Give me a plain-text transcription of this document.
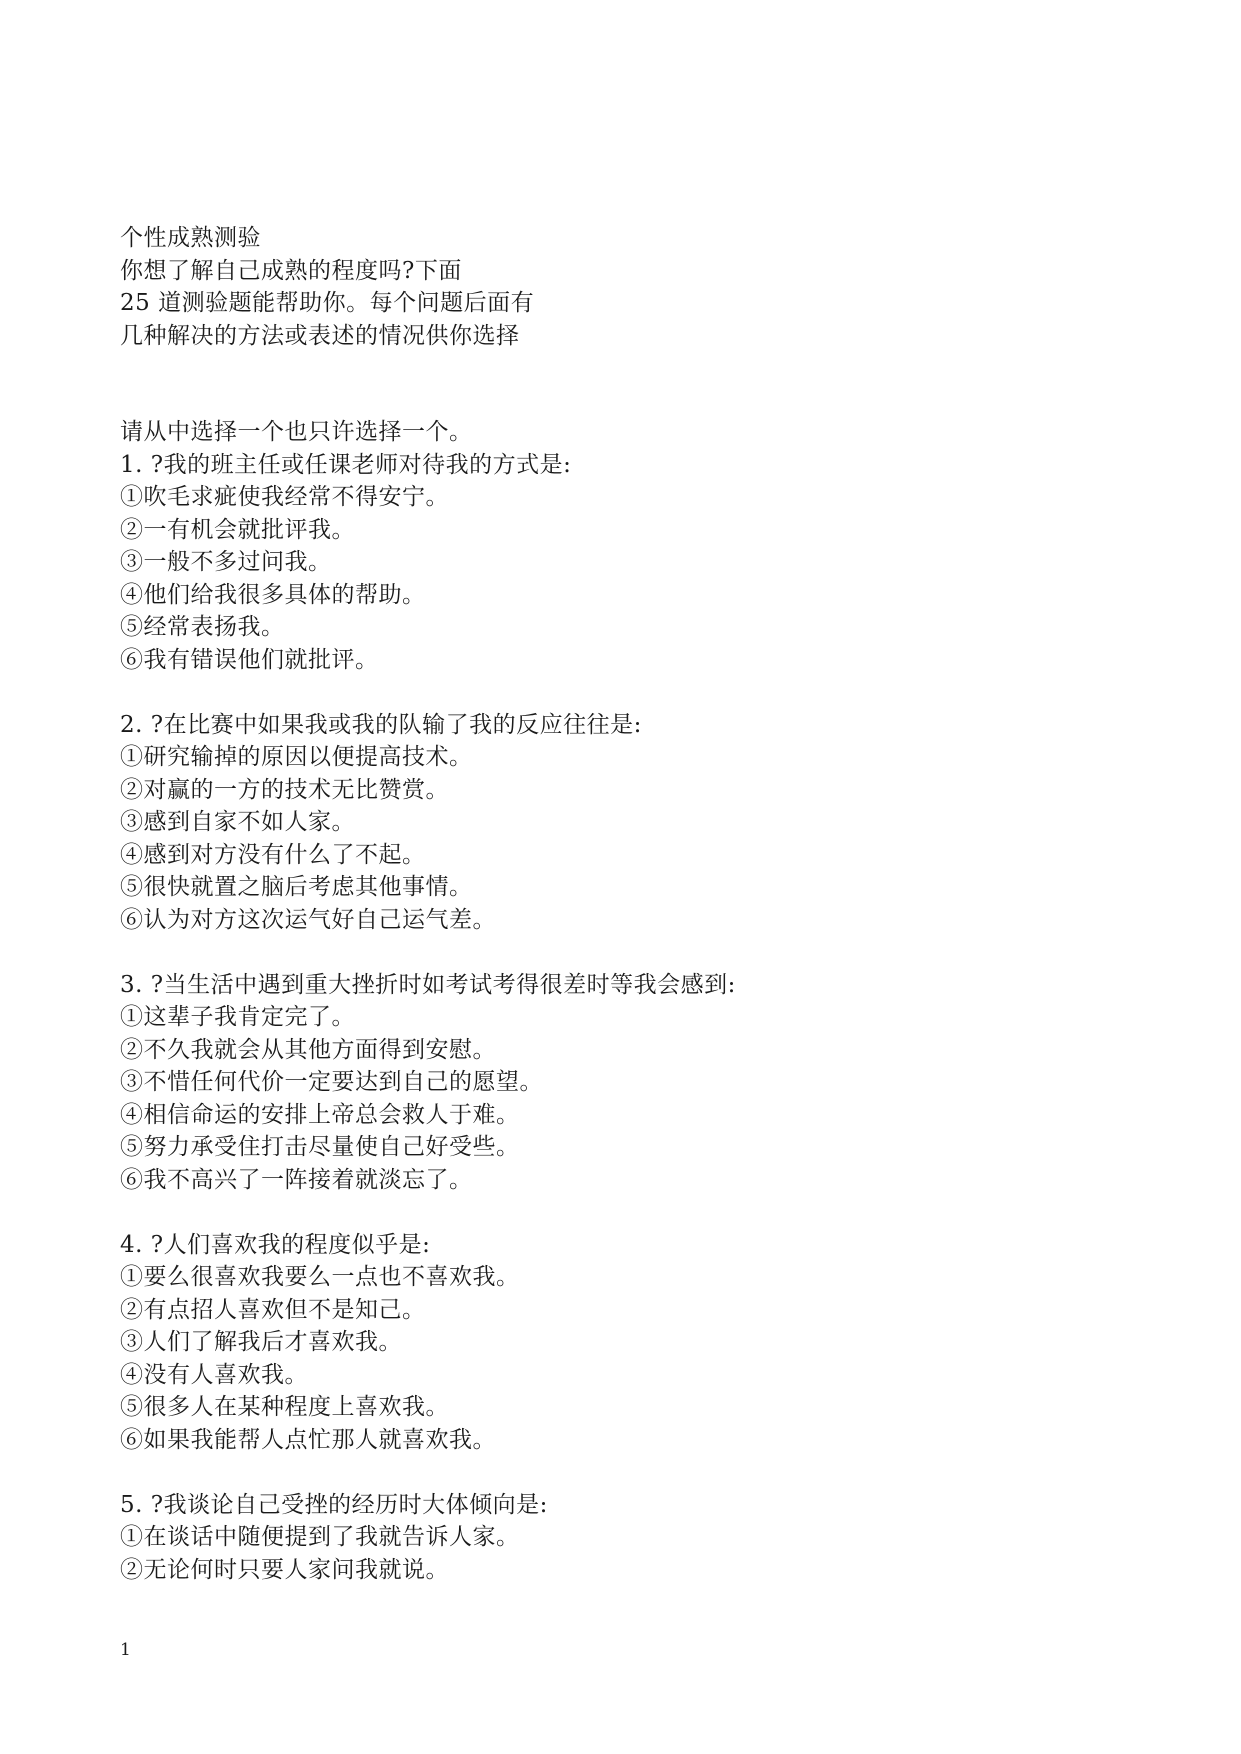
个性成熟测验
你想了解自己成熟的程度吗?下面
25 道测验题能帮助你。每个问题后面有
几种解决的方法或表述的情况供你选择
请从中选择一个也只许选择一个。
1. ?我的班主任或任课老师对待我的方式是:
①吹毛求疵使我经常不得安宁。
②一有机会就批评我。
③一般不多过问我。
④他们给我很多具体的帮助。
⑤经常表扬我。
⑥我有错误他们就批评。
2. ?在比赛中如果我或我的队输了我的反应往往是:
①研究输掉的原因以便提高技术。
②对赢的一方的技术无比赞赏。
③感到自家不如人家。
④感到对方没有什么了不起。
⑤很快就置之脑后考虑其他事情。
⑥认为对方这次运气好自己运气差。
3. ?当生活中遇到重大挫折时如考试考得很差时等我会感到:
①这辈子我肯定完了。
②不久我就会从其他方面得到安慰。
③不惜任何代价一定要达到自己的愿望。
④相信命运的安排上帝总会救人于难。
⑤努力承受住打击尽量使自己好受些。
⑥我不高兴了一阵接着就淡忘了。
4. ?人们喜欢我的程度似乎是:
①要么很喜欢我要么一点也不喜欢我。
②有点招人喜欢但不是知己。
③人们了解我后才喜欢我。
④没有人喜欢我。
⑤很多人在某种程度上喜欢我。
⑥如果我能帮人点忙那人就喜欢我。
5. ?我谈论自己受挫的经历时大体倾向是:
①在谈话中随便提到了我就告诉人家。
②无论何时只要人家问我就说。
1
